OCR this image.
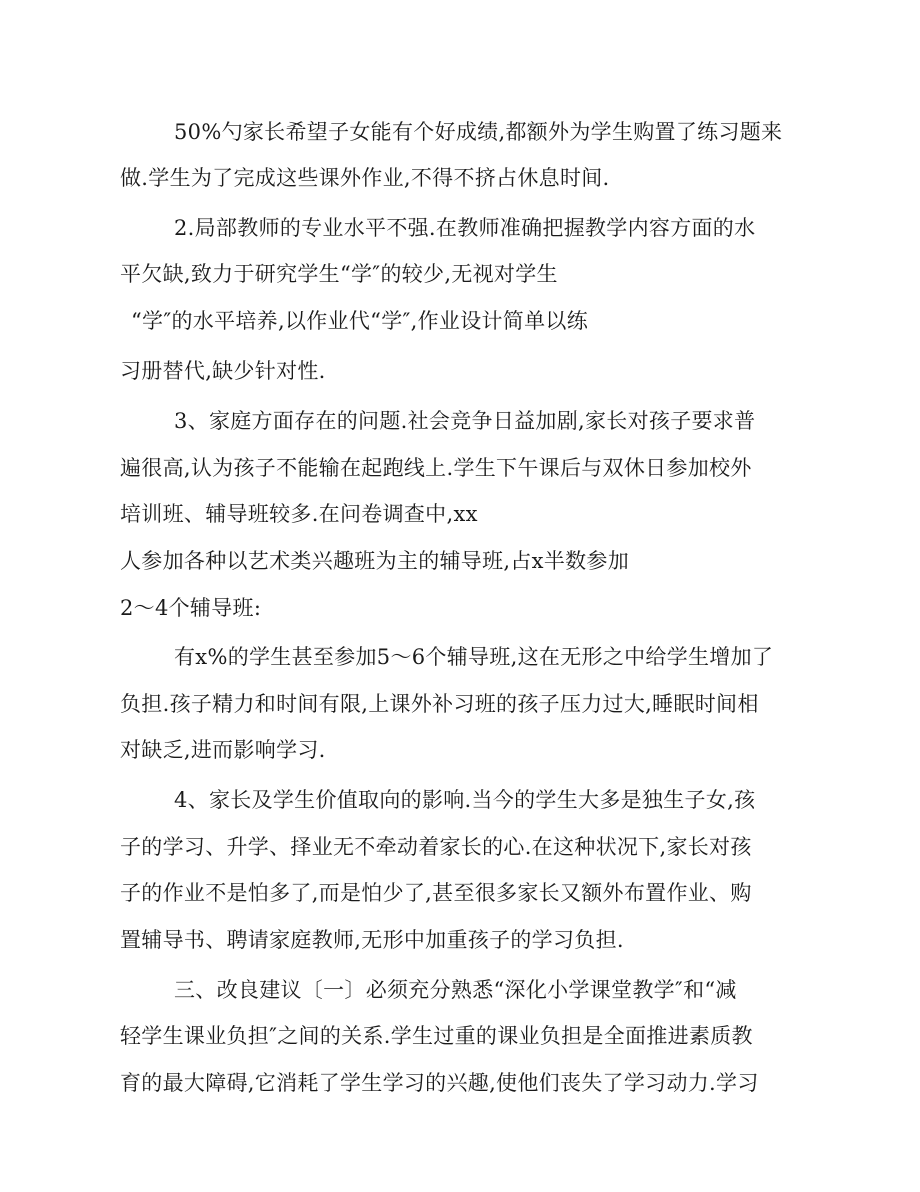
50%勺家长希望子女能有个好成绩,都额外为学生购置了练习题来
做.学生为了完成这些课外作业,不得不挤占休息时间.
2.局部教师的专业水平不强.在教师准确把握教学内容方面的水
平欠缺,致力于研究学生“学″的较少,无视对学生
“学″的水平培养,以作业代“学″,作业设计简单以练
习册替代,缺少针对性.
3、家庭方面存在的问题.社会竞争日益加剧,家长对孩子要求普
遍很高,认为孩子不能输在起跑线上.学生下午课后与双休日参加校外
培训班、辅导班较多.在问卷调查中,xx
人参加各种以艺术类兴趣班为主的辅导班,占x半数参加
2〜4个辅导班:
有x%的学生甚至参加5〜6个辅导班,这在无形之中给学生增加了
负担.孩子精力和时间有限,上课外补习班的孩子压力过大,睡眠时间相
对缺乏,进而影响学习.
4、家长及学生价值取向的影响.当今的学生大多是独生子女,孩
子的学习、升学、择业无不牵动着家长的心.在这种状况下,家长对孩
子的作业不是怕多了,而是怕少了,甚至很多家长又额外布置作业、购
置辅导书、聘请家庭教师,无形中加重孩子的学习负担.
三、改良建议〔一〕必须充分熟悉“深化小学课堂教学″和“减
轻学生课业负担″之间的关系.学生过重的课业负担是全面推进素质教
育的最大障碍,它消耗了学生学习的兴趣,使他们丧失了学习动力.学习
